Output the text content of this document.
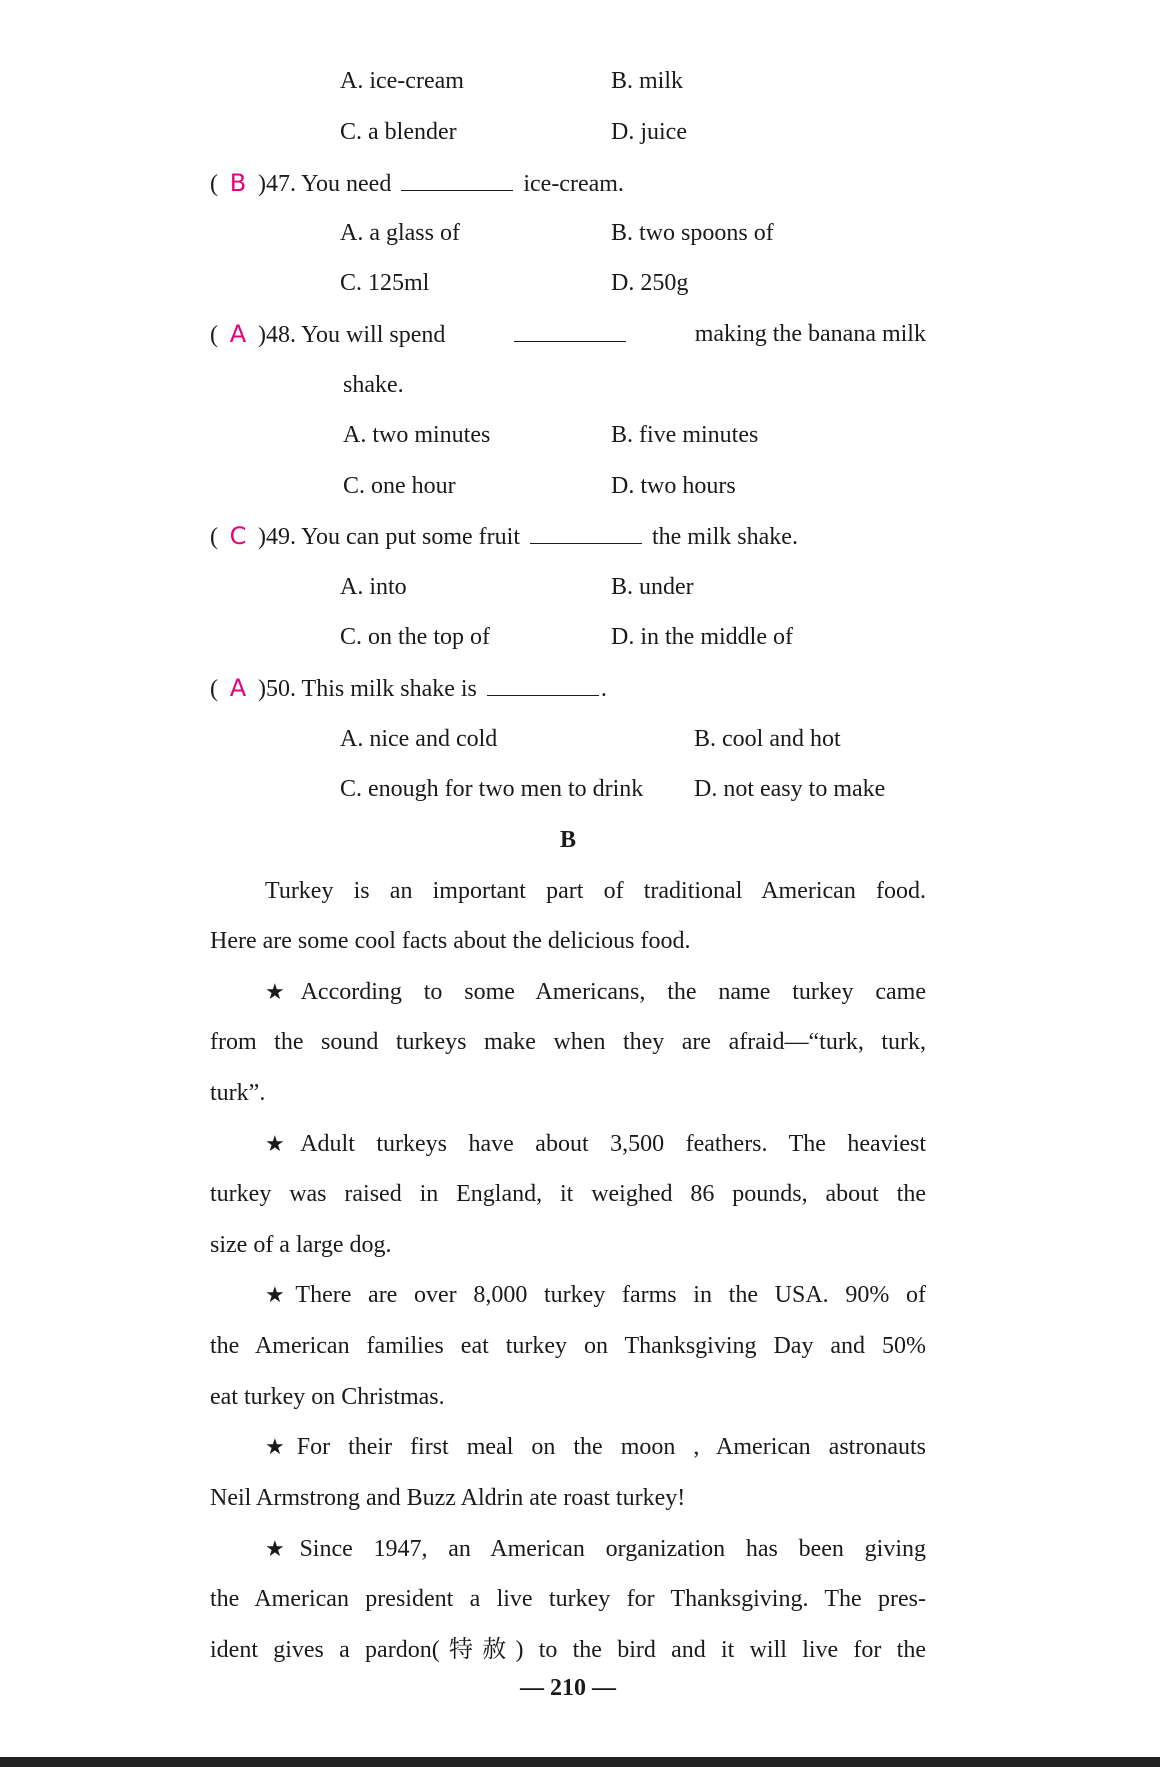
A. ice-cream	B. milk
C. a blender	D. juice
( B )47. You need	ice-cream.
A. a glass of	B. two spoons of
C. 125ml	D. 250g
( A )48. You will spend	making the banana milk
shake.
A. two minutes	B. five minutes
C. one hour	D. two hours
( C )49. You can put some fruit	the milk shake.
A. into	B. under
C. on the top of	D. in the middle of
( A )50. This milk shake is	.
A. nice and cold	B. cool and hot
C. enough for two men to drink D. not easy to make
B
Turkey is an important part of traditional American food.
Here are some cool facts about the delicious food.
★According to some Americans, the name turkey came
from the sound turkeys make when they are afraid—“turk, turk,
turk”.
★Adult turkeys have about 3,500 feathers. The heaviest
turkey was raised in England, it weighed 86 pounds, about the
size of a large dog.
★There are over 8,000 turkey farms in the USA. 90% of
the American families eat turkey on Thanksgiving Day and 50%
eat turkey on Christmas.
★For their first meal on the moon , American astronauts
Neil Armstrong and Buzz Aldrin ate roast turkey!
★Since 1947, an American organization has been giving
the American president a live turkey for Thanksgiving. The pres-
ident gives a pardon(特赦) to the bird and it will live for the
— 210 —
